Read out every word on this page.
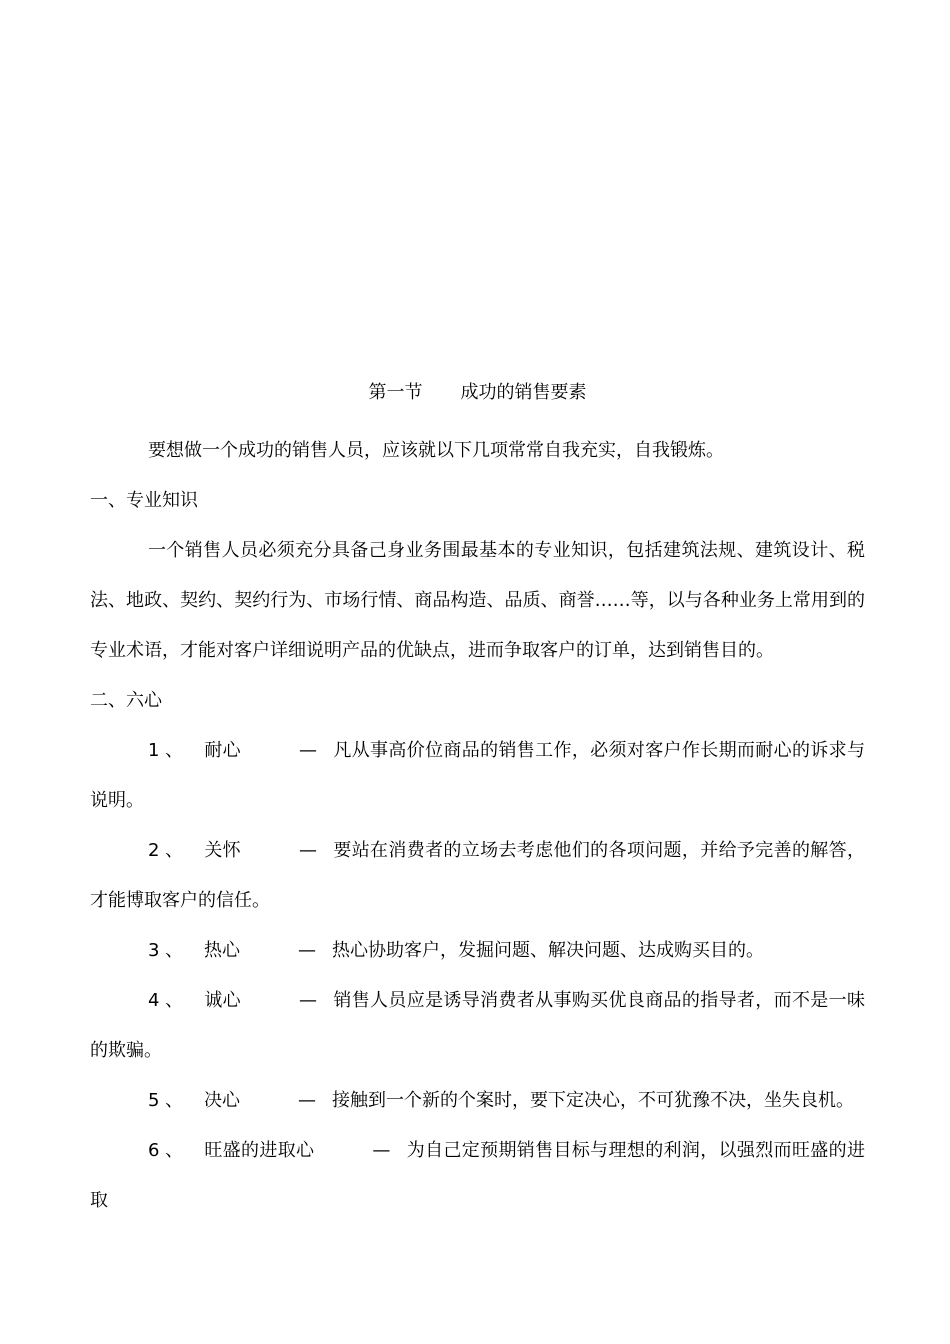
第一节 成功的销售要素

要想做一个成功的销售人员，应该就以下几项常常自我充实，自我锻炼。

一、专业知识

一个销售人员必须充分具备己身业务围最基本的专业知识，包括建筑法规、建筑设计、税法、地政、契约、契约行为、市场行情、商品构造、品质、商誉……等，以与各种业务上常用到的专业术语，才能对客户详细说明产品的优缺点，进而争取客户的订单，达到销售目的。

二、六心

1 、 耐心	— 凡从事高价位商品的销售工作，必须对客户作长期而耐心的诉求与说明。

2 、 关怀	— 要站在消费者的立场去考虑他们的各项问题，并给予完善的解答，才能博取客户的信任。

3 、 热心	— 热心协助客户，发掘问题、解决问题、达成购买目的。

4 、 诚心	— 销售人员应是诱导消费者从事购买优良商品的指导者，而不是一味的欺骗。

5 、 决心	— 接触到一个新的个案时，要下定决心，不可犹豫不决，坐失良机。

6 、 旺盛的进取心	— 为自己定预期销售目标与理想的利润，以强烈而旺盛的进取
